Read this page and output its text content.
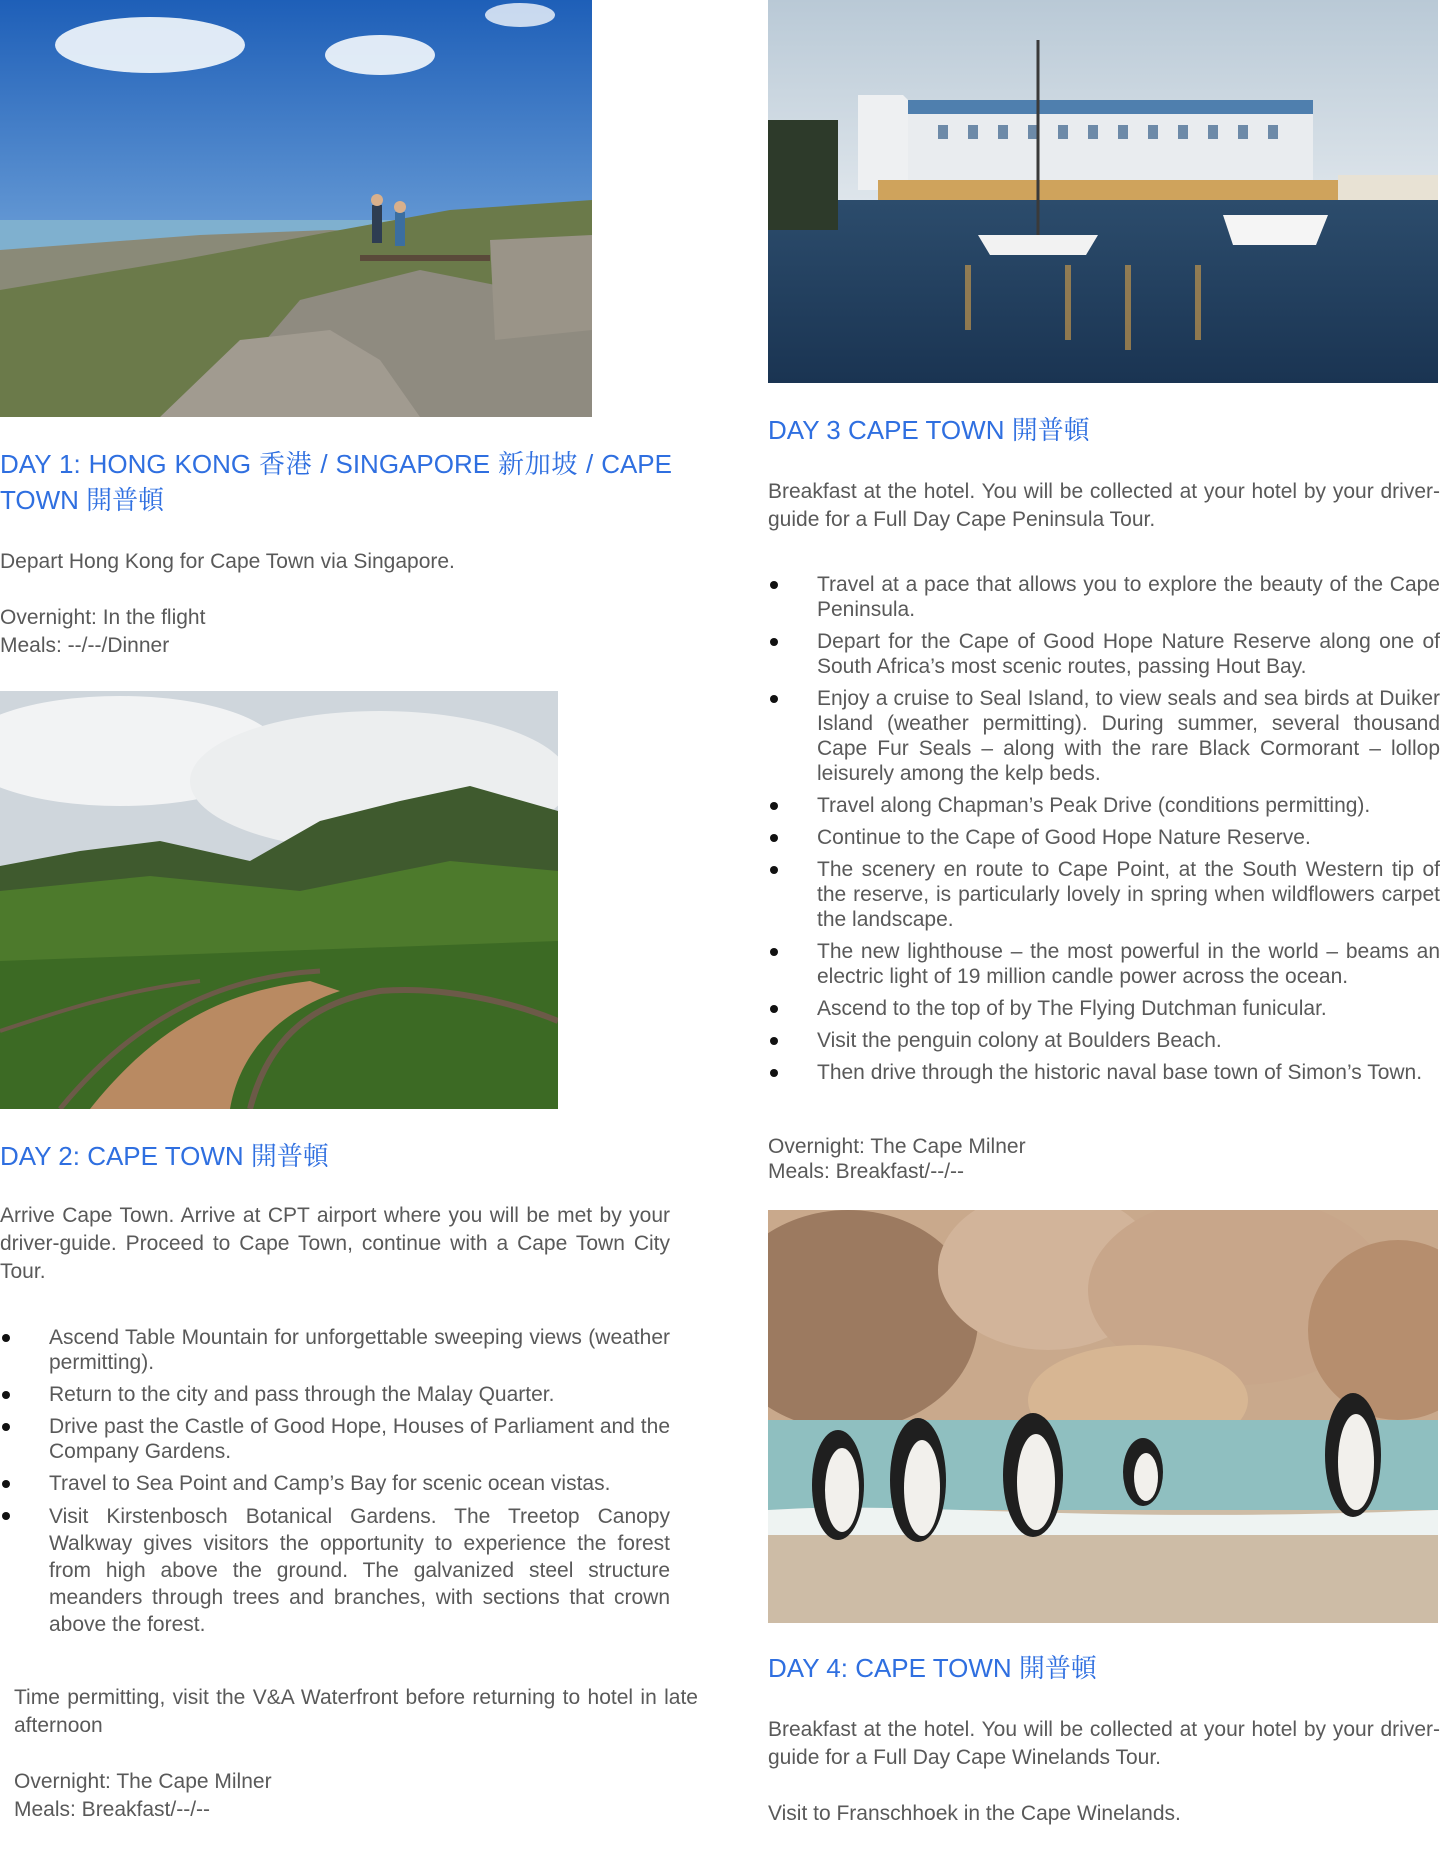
DAY 1: HONG KONG 香港 / SINGAPORE 新加坡 / CAPE TOWN 開普頓

Depart Hong Kong for Cape Town via Singapore.

Overnight: In the flight

Meals: --/--/Dinner

DAY 2: CAPE TOWN 開普頓

Arrive Cape Town. Arrive at CPT airport where you will be met by your driver-guide. Proceed to Cape Town, continue with a Cape Town City Tour.

Ascend Table Mountain for unforgettable sweeping views (weather permitting).
Return to the city and pass through the Malay Quarter.
Drive past the Castle of Good Hope, Houses of Parliament and the Company Gardens.
Travel to Sea Point and Camp’s Bay for scenic ocean vistas.
Visit Kirstenbosch Botanical Gardens. The Treetop Canopy Walkway gives visitors the opportunity to experience the forest from high above the ground. The galvanized steel structure meanders through trees and branches, with sections that crown above the forest.

Time permitting, visit the V&A Waterfront before returning to hotel in late afternoon

Overnight: The Cape Milner

Meals: Breakfast/--/--

DAY 3 CAPE TOWN 開普頓

Breakfast at the hotel. You will be collected at your hotel by your driver-guide for a Full Day Cape Peninsula Tour.

Travel at a pace that allows you to explore the beauty of the Cape Peninsula.
Depart for the Cape of Good Hope Nature Reserve along one of South Africa’s most scenic routes, passing Hout Bay.
Enjoy a cruise to Seal Island, to view seals and sea birds at Duiker Island (weather permitting). During summer, several thousand Cape Fur Seals – along with the rare Black Cormorant – lollop leisurely among the kelp beds.
Travel along Chapman’s Peak Drive (conditions permitting).
Continue to the Cape of Good Hope Nature Reserve.
The scenery en route to Cape Point, at the South Western tip of the reserve, is particularly lovely in spring when wildflowers carpet the landscape.
The new lighthouse – the most powerful in the world – beams an electric light of 19 million candle power across the ocean.
Ascend to the top of by The Flying Dutchman funicular.
Visit the penguin colony at Boulders Beach.
Then drive through the historic naval base town of Simon’s Town.

Overnight: The Cape Milner

Meals: Breakfast/--/--

DAY 4: CAPE TOWN 開普頓

Breakfast at the hotel. You will be collected at your hotel by your driver-guide for a Full Day Cape Winelands Tour.

Visit to Franschhoek in the Cape Winelands.
